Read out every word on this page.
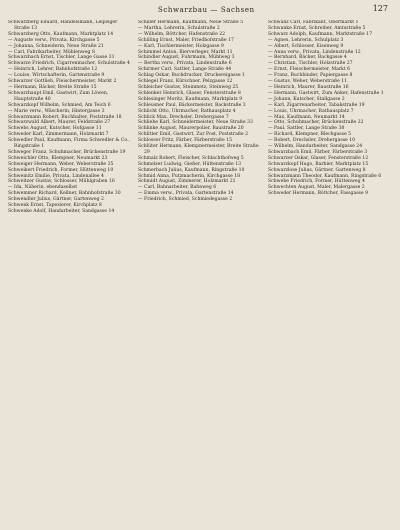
Schwarzbau — Sachsen	127

Schwarzberg Eduard, Handelsmann, Leipziger Straße 13

Schwarzberg Otto, Kaufmann, Marktplatz 14

— Auguste verw., Privata, Kirchgasse 5

— Johanna, Schneiderin, Neue Straße 21

— Carl, Fabrikarbeiter, Mühlenweg 8

Schwarzbach Ernst, Tischler, Lange Gasse 31

Schwarze Friedrich, Cigarrenmacher, Schulstraße 4

— Heinrich, Lehrer, Bahnhofstraße 12

— Louise, Wirtschafterin, Gartenstraße 9

Schwarzer Gottlieb, Fleischermeister, Markt 2

— Hermann, Bäcker, Breite Straße 15

Schwarzhaupt Emil, Gastwirt, Zum Löwen, Hauptstraße 40

Schwarzkopf Wilhelm, Schmied, Am Teich 6

— Marie verw., Wäscherin, Hintergasse 3

Schwarzmann Robert, Buchhalter, Poststraße 18

Schwarzwald Albert, Maurer, Feldstraße 27

Schwebs August, Kutscher, Hofgasse 11

Schweder Karl, Zimmermann, Holzmarkt 7

Schwedler Paul, Kaufmann, Firma Schwedler & Co., Ringstraße 1

Schweger Franz, Schuhmacher, Brückenstraße 19

Schweichler Otto, Klempner, Neumarkt 23

Schweiger Hermann, Weber, Weberstraße 35

Schweikert Friedrich, Former, Hüttenweg 10

Schweinitz Emilie, Privata, Lindenallee 4

Schweitzer Gustav, Schlosser, Mühlgraben 16

— Ida, Näherin, ebendaselbst

Schwemmer Richard, Kellner, Bahnhofstraße 30

Schwendler Julius, Gärtner, Gartenweg 2

Schwenk Ernst, Tapezierer, Kirchplatz 8

Schwenke Adolf, Handarbeiter, Sandgasse 14

Schiller Hermann, Kaufmann, Neue Straße 5

— Martha, Lehrerin, Schulstraße 2

— Wilhelm, Böttcher, Hafenstraße 22

Schilling Ernst, Maler, Friedhofstraße 17

— Karl, Tischlermeister, Holzgasse 9

Schimmel Anton, Bierverleger, Markt 11

Schindler August, Fuhrmann, Mühlweg 3

— Bertha verw., Privata, Lindenstraße 6

Schirmer Carl, Sattler, Lange Straße 44

Schlag Oskar, Buchdrucker, Druckereigasse 1

Schlegel Franz, Kürschner, Pelzgasse 12

Schleicher Gustav, Steinmetz, Steinweg 25

Schlenker Heinrich, Glaser, Fensterstraße 8

Schlesinger Moritz, Kaufmann, Marktplatz 9

Schleusner Paul, Bäckermeister, Backstraße 3

Schlicht Otto, Uhrmacher, Rathausplatz 4

Schlick Max, Drechsler, Drehergasse 7

Schliebe Karl, Schneidermeister, Neue Straße 33

Schlinke August, Maurerpolier, Baustraße 20

Schlitter Emil, Gastwirt, Zur Post, Poststraße 2

Schlosser Fritz, Färber, Färberstraße 15

Schlüter Hermann, Klempnermeister, Breite Straße 29

Schmalz Robert, Fleischer, Schlachthofweg 5

Schmelzer Ludwig, Gießer, Hüttenstraße 13

Schmerbach Julius, Kaufmann, Ringstraße 10

Schmid Anna, Putzmacherin, Kirchgasse 18

Schmidt August, Zimmerer, Holzmarkt 21

— Carl, Bahnarbeiter, Bahnweg 6

— Emma verw., Privata, Gartenstraße 14

— Friedrich, Schmied, Schmiedegasse 2

Schwanz Carl, Fabrikant, Obermarkt 1

Schwanke Ernst, Schreiber, Amtsstraße 5

Schwarz Adolph, Kaufmann, Marktstraße 17

— Agnes, Lehrerin, Schulplatz 3

— Albert, Schlosser, Eisenweg 9

— Anna verw., Privata, Lindenstraße 12

— Bernhard, Bäcker, Backgasse 4

— Christian, Tischler, Holzstraße 27

— Ernst, Fleischermeister, Markt 6

— Franz, Buchbinder, Papiergasse 8

— Gustav, Weber, Weberstraße 11

— Heinrich, Maurer, Baustraße 16

— Hermann, Gastwirt, Zum Anker, Hafenstraße 1

— Johann, Kutscher, Stallgasse 2

— Karl, Zigarrenarbeiter, Tabakstraße 19

— Louis, Uhrmacher, Rathausplatz 7

— Max, Kaufmann, Neumarkt 14

— Otto, Schuhmacher, Brückenstraße 22

— Paul, Sattler, Lange Straße 38

— Richard, Klempner, Blechgasse 5

— Robert, Drechsler, Drehergasse 10

— Wilhelm, Handarbeiter, Sandgasse 24

Schwarzbach Emil, Färber, Färberstraße 3

Schwarzer Oskar, Glaser, Fensterstraße 12

Schwarzkopf Hugo, Barbier, Marktplatz 15

Schwarzlose Julius, Gärtner, Gartenweg 8

Schwarzmann Theodor, Kaufmann, Ringstraße 6

Schwebe Friedrich, Former, Hüttenweg 4

Schwechten August, Maler, Malergasse 2

Schweder Hermann, Böttcher, Fassgasse 9
